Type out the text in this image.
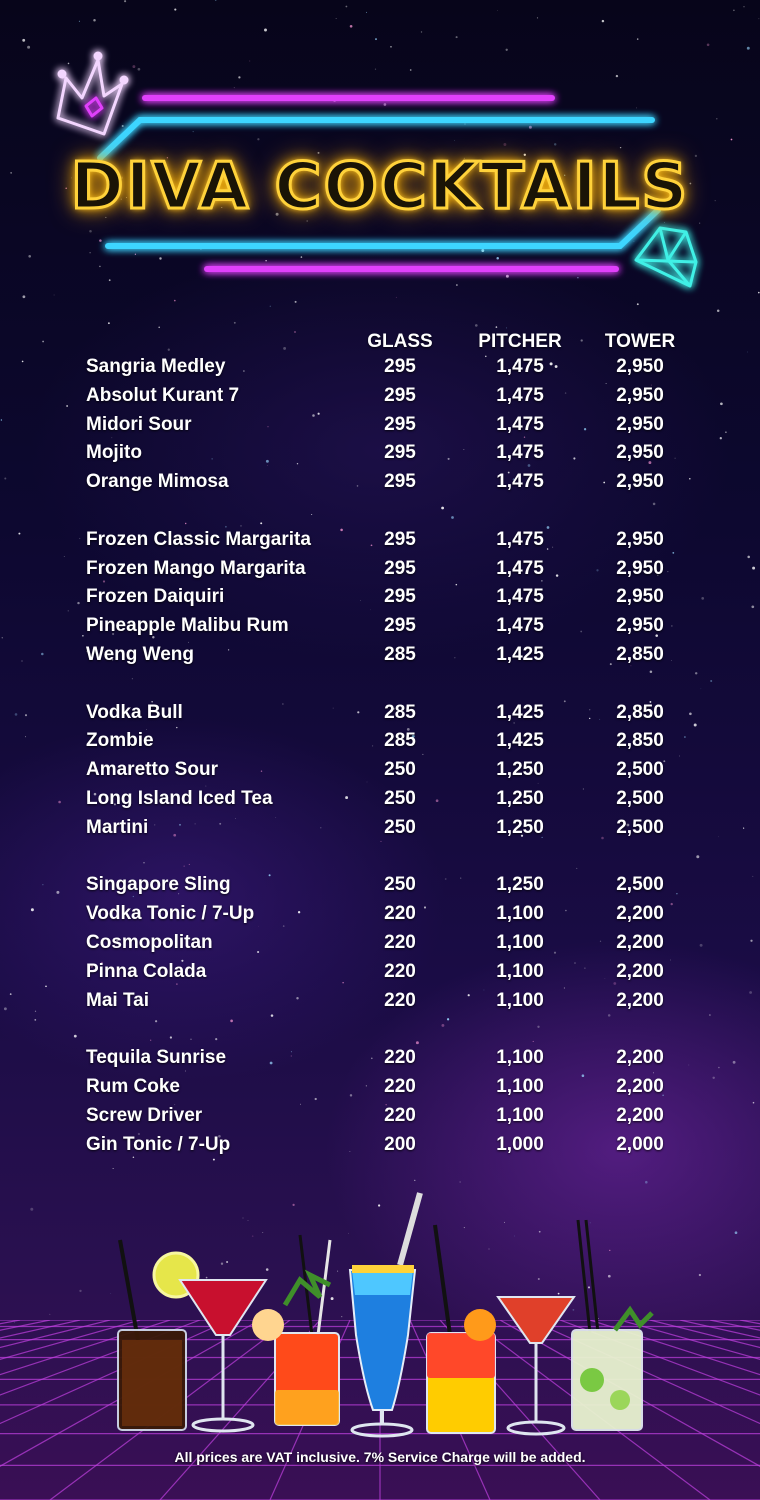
DIVA COCKTAILS
GLASS	PITCHER	TOWER
Sangria Medley	295	1,475	2,950
Absolut Kurant 7	295	1,475	2,950
Midori Sour	295	1,475	2,950
Mojito	295	1,475	2,950
Orange Mimosa	295	1,475	2,950
Frozen Classic Margarita	295	1,475	2,950
Frozen Mango Margarita	295	1,475	2,950
Frozen Daiquiri	295	1,475	2,950
Pineapple Malibu Rum	295	1,475	2,950
Weng Weng	285	1,425	2,850
Vodka Bull	285	1,425	2,850
Zombie	285	1,425	2,850
Amaretto Sour	250	1,250	2,500
Long Island Iced Tea	250	1,250	2,500
Martini	250	1,250	2,500
Singapore Sling	250	1,250	2,500
Vodka Tonic / 7-Up	220	1,100	2,200
Cosmopolitan	220	1,100	2,200
Pinna Colada	220	1,100	2,200
Mai Tai	220	1,100	2,200
Tequila Sunrise	220	1,100	2,200
Rum Coke	220	1,100	2,200
Screw Driver	220	1,100	2,200
Gin Tonic / 7-Up	200	1,000	2,000
All prices are VAT inclusive. 7% Service Charge will be added.
